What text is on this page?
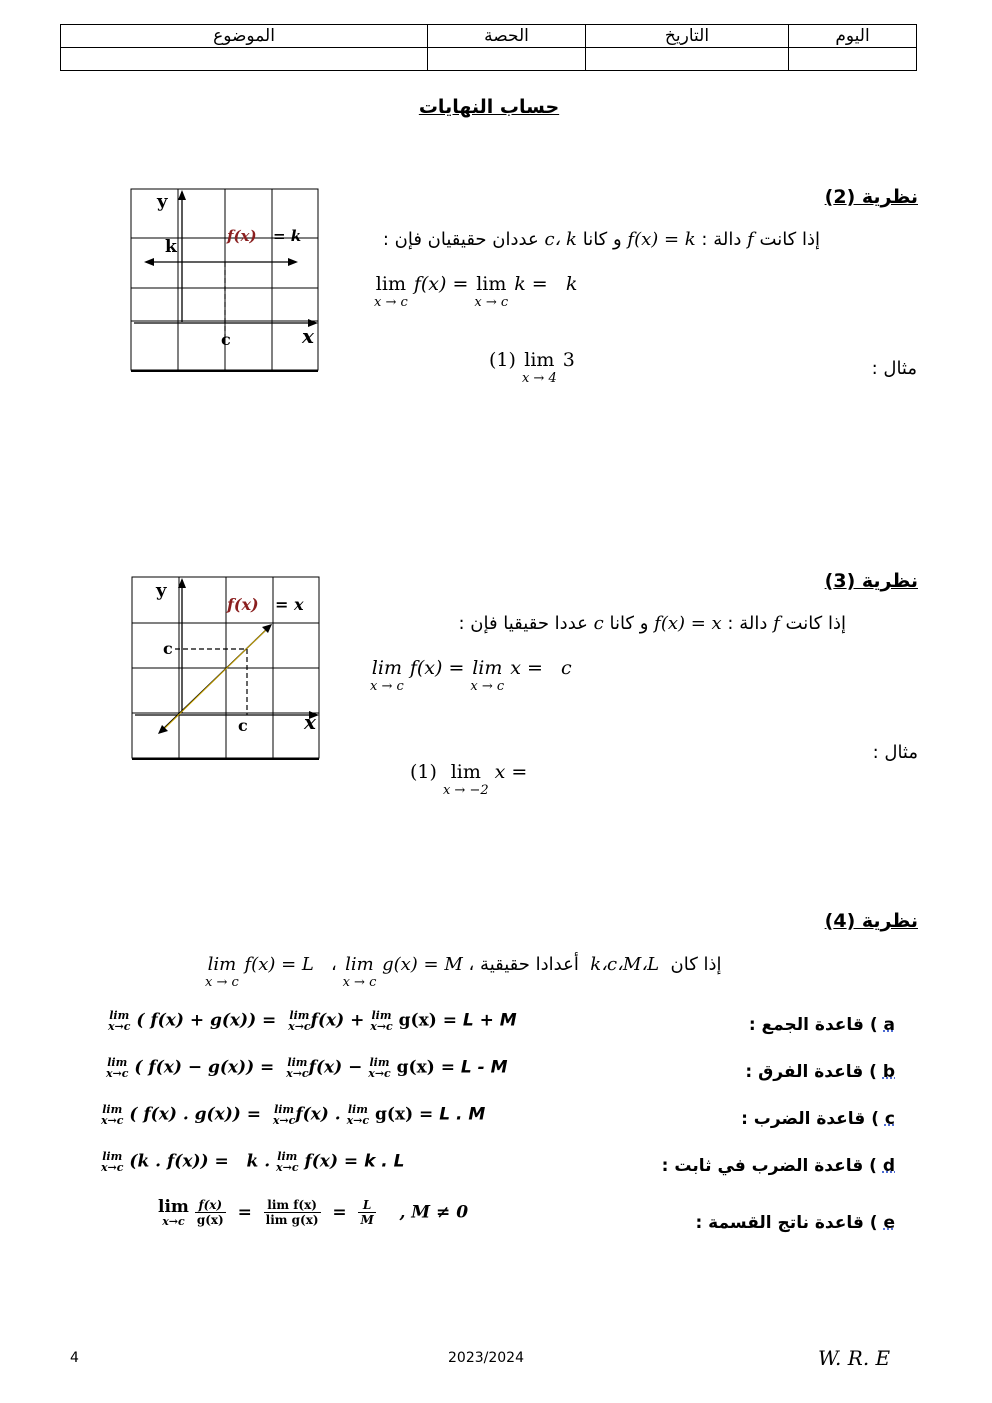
الموضوع	الحصة	التاريخ	اليوم

حساب النهايات
نظرية (2)
y
x
k
c
f(x) = k	إذا كانت f دالة : f(x) = k و كانا c، k عددان حقيقيان فإن :
lim
x → c
f(x) = lim
x → c
k =   k
مثال :
(1) lim
x → 4
3
نظرية (3)
y
x
c
c
f(x) = x
إذا كانت f دالة : f(x) = x و كانا c عددا حقيقيا فإن :
lim
x → c
f(x) = lim
x → c
x =   c
مثال :
(1) lim
x → −2
x =
نظرية (4)
lim
x → c
f(x) = L ، lim
x → c
g(x) = M أعدادا حقيقية ، k،c،M،L إذا كان
a ) قاعدة الجمع :
lim
x→c ( f(x) + g(x)) = lim
x→c f(x) + lim
x→c g(x) = L + M
b ) قاعدة الفرق :
lim
x→c ( f(x) − g(x)) = lim
x→c f(x) − lim
x→c g(x) = L - M
c ) قاعدة الضرب :
lim
x→c ( f(x) . g(x)) = lim
x→c f(x) . lim
x→c g(x) = L . M
d ) قاعدة الضرب في ثابت :
lim
x→c (k . f(x)) = k . lim
x→c f(x) = k . L
e ) قاعدة ناتج القسمة :
lim
x→c
$\frac{f(x)}{g(x)} = \frac{\text{lim f(x)}}{\text{lim g(x)}} = \frac{L}{M}$ , M ≠ 0
4	2023/2024	W. R. E
